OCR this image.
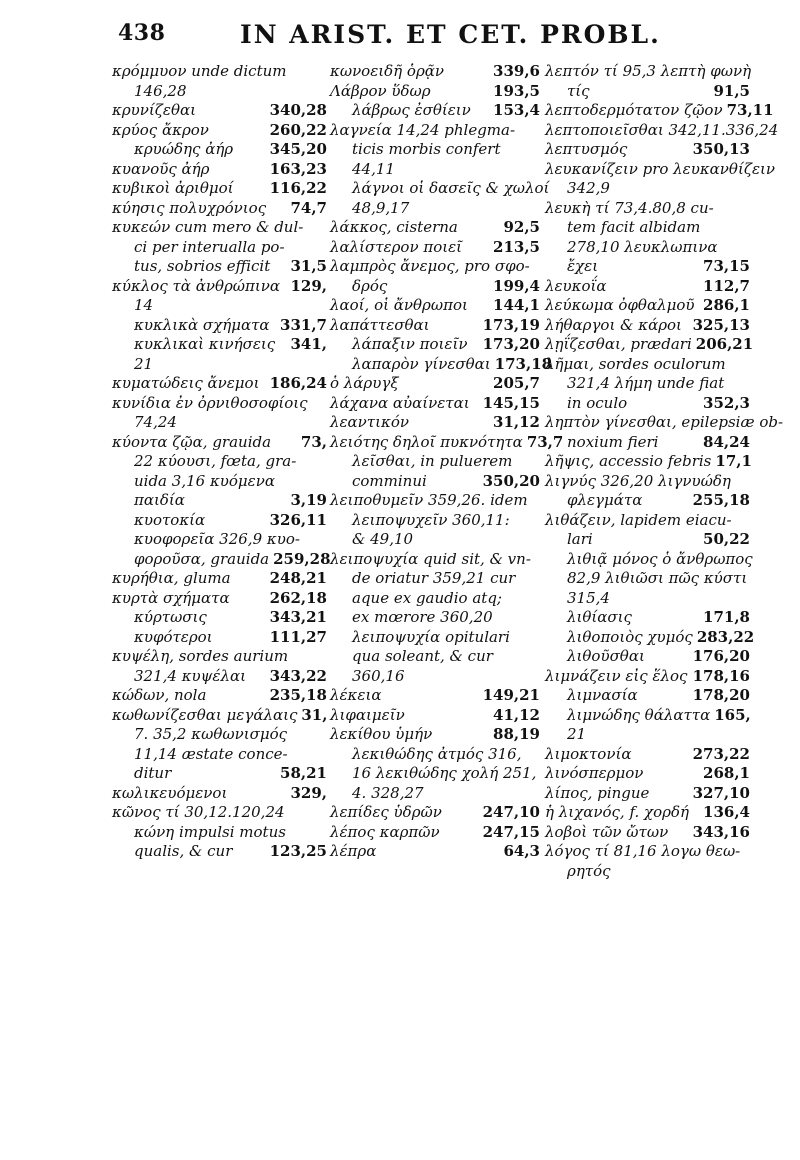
438	IN ARIST. ET CET. PROBL.
κρόμμυον unde dictum
146,28
κρυνίζεθαι	340,28
κρύος ἄκρον	260,22
κρυώδης ἀήρ 345,20
κυανοῦς ἀήρ	163,23
κυβικοὶ ἀριθμοί 116,22
κύησις πολυχρόνιος 74,7
κυκεών cum mero & dul-
ci per interualla po-
tus, sobrios efficit 31,5
κύκλος τὰ ἀνθρώπινα 129,
14
κυκλικὰ σχήματα 331,7
κυκλικαὶ κινήσεις 341,
21
κυματώδεις ἄνεμοι 186,24
κυνίδια ἐν ὀρνιθοσοφίοις
74,24
κύοντα ζῷα, grauida 73,
22 κύουσι, fœta, gra-
uida 3,16 κυόμενα
παιδία	3,19
κυοτοκία	326,11
κυοφορεῖα 326,9 κυο-
φοροῦσα, grauida 259,28
κυρήθια, gluma	248,21
κυρτὰ σχήματα	262,18
κύρτωσις	343,21
κυφότεροι	111,27
κυψέλη, sordes aurium
321,4 κυψέλαι 343,22
κώδων, nola	235,18
κωθωνίζεσθαι μεγάλαις 31,
7. 35,2 κωθωνισμός
11,14 æstate conce-
ditur	58,21
κωλικευόμενοι	329,
κῶνος τί 30,12.120,24
κώνη impulsi motus
qualis, & cur 123,25
κωνοειδῆ ὁρᾷν	339,6
Λάβρον ὕδωρ	193,5
λάβρως ἐσθίειν 153,4
λαγνεία 14,24 phlegma-
ticis morbis confert
44,11
λάγνοι οἱ δασεῖς & χωλοί
48,9,17
λάκκος, cisterna	92,5
λαλίστερον ποιεῖ 213,5
λαμπρὸς ἄνεμος, pro σφο-
δρός	199,4
λαοί, οἱ ἄνθρωποι 144,1
λαπάττεσθαι	173,19
λάπαξιν ποιεῖν 173,20
λαπαρὸν γίνεσθαι 173,18
ὁ λάρυγξ	205,7
λάχανα αὐαίνεται 145,15
λεαντικόν	31,12
λειότης δηλοῖ πυκνότητα 73,7
λεῖσθαι, in puluerem
comminui	350,20
λειποθυμεῖν 359,26. idem
λειποψυχεῖν 360,11:
& 49,10
λειποψυχία quid sit, & vn-
de oriatur 359,21 cur
aque ex gaudio atq;
ex mœrore 360,20
λειποψυχία opitulari
qua soleant, & cur
360,16
λέκεια	149,21
λιφαιμεῖν	41,12
λεκίθου ὑμήν	88,19
λεκιθώδης ἀτμός 316,
16 λεκιθώδης χολή 251,
4. 328,27
λεπίδες ὑδρῶν	247,10
λέπος καρπῶν	247,15
λέπρα	64,3
λεπτόν τί 95,3 λεπτὴ φωνὴ
τίς	91,5
λεπτοδερμότατον ζῷον 73,11
λεπτοποιεῖσθαι 342,11.336,24
λεπτυσμός	350,13
λευκανίζειν pro λευκανθίζειν
342,9
λευκὴ τί 73,4.80,8 cu-
tem facit albidam
278,10 λευκλωπινα
ἔχει	73,15
λευκοΐα	112,7
λεύκωμα ὀφθαλμοῦ 286,1
λήθαργοι & κάροι 325,13
λῃΐζεσθαι, prædari 206,21
λῆμαι, sordes oculorum
321,4 λήμη unde fiat
in oculo	352,3
ληπτὸν γίνεσθαι, epilepsiæ ob-
noxium fieri	84,24
λῆψις, accessio febris 17,1
λιγνύς 326,20 λιγνυώδη
φλεγμάτα	255,18
λιθάζειν, lapidem eiacu-
lari	50,22
λιθιᾷ μόνος ὁ ἄνθρωπος
82,9 λιθιῶσι πῶς κύστι
315,4
λιθίασις	171,8
λιθοποιὸς χυμός 283,22
λιθοῦσθαι	176,20
λιμνάζειν εἰς ἕλος 178,16
λιμνασία	178,20
λιμνώδης θάλαττα 165,
21
λιμοκτονία	273,22
λινόσπερμον	268,1
λίπος, pingue	327,10
ἡ λιχανός, f. χορδή 136,4
λοβοὶ τῶν ὤτων 343,16
λόγος τί 81,16 λογω θεω-
ρητός
